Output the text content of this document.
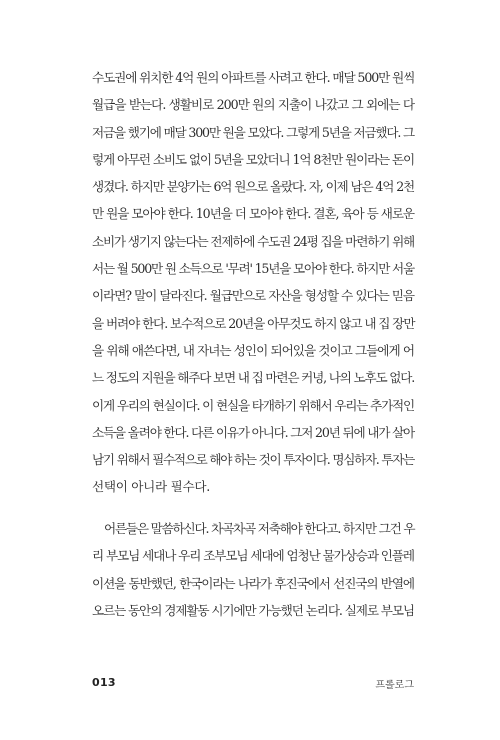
수도권에 위치한 4억 원의 아파트를 사려고 한다. 매달 500만 원씩
월급을 받는다. 생활비로 200만 원의 지출이 나갔고 그 외에는 다
저금을 했기에 매달 300만 원을 모았다. 그렇게 5년을 저금했다. 그
렇게 아무런 소비도 없이 5년을 모았더니 1억 8천만 원이라는 돈이
생겼다. 하지만 분양가는 6억 원으로 올랐다. 자, 이제 남은 4억 2천
만 원을 모아야 한다. 10년을 더 모아야 한다. 결혼, 육아 등 새로운
소비가 생기지 않는다는 전제하에 수도권 24평 집을 마련하기 위해
서는 월 500만 원 소득으로 '무려' 15년을 모아야 한다. 하지만 서울
이라면? 말이 달라진다. 월급만으로 자산을 형성할 수 있다는 믿음
을 버려야 한다. 보수적으로 20년을 아무것도 하지 않고 내 집 장만
을 위해 애쓴다면, 내 자녀는 성인이 되어있을 것이고 그들에게 어
느 정도의 지원을 해주다 보면 내 집 마련은 커녕, 나의 노후도 없다.
이게 우리의 현실이다. 이 현실을 타개하기 위해서 우리는 추가적인
소득을 올려야 한다. 다른 이유가 아니다. 그저 20년 뒤에 내가 살아
남기 위해서 필수적으로 해야 하는 것이 투자이다. 명심하자. 투자는
선택이 아니라 필수다.
어른들은 말씀하신다. 차곡차곡 저축해야 한다고. 하지만 그건 우
리 부모님 세대나 우리 조부모님 세대에 엄청난 물가상승과 인플레
이션을 동반했던, 한국이라는 나라가 후진국에서 선진국의 반열에
오르는 동안의 경제활동 시기에만 가능했던 논리다. 실제로 부모님
013	프롤로그
